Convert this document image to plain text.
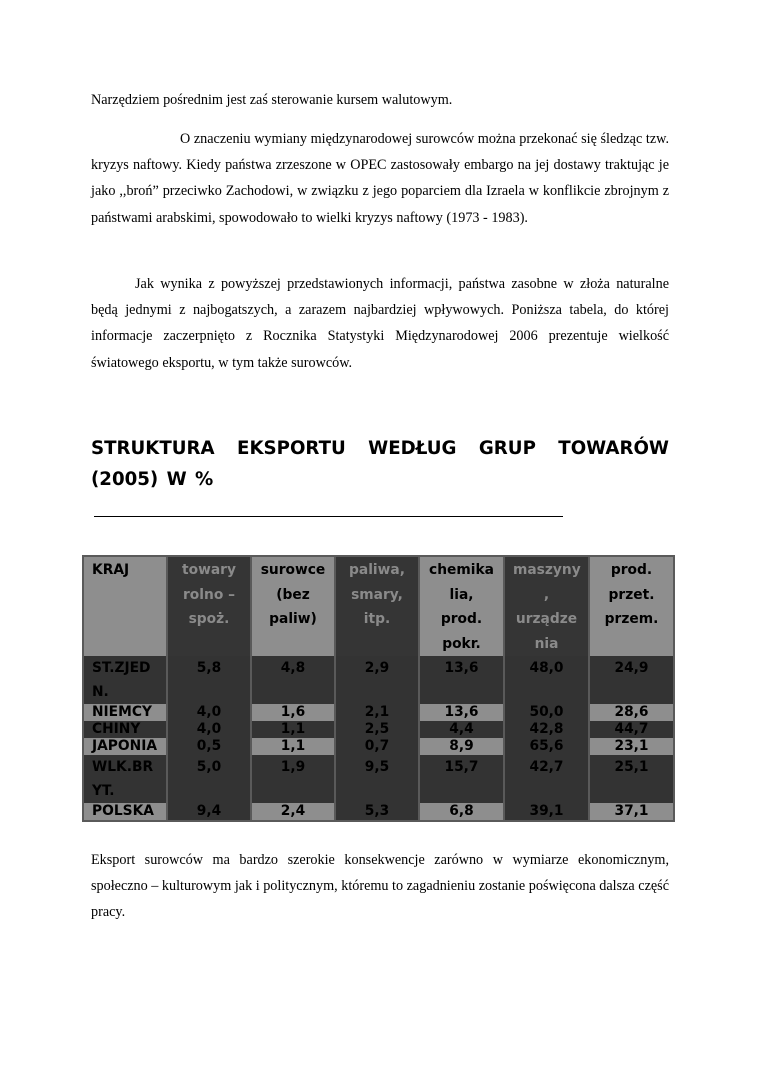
Narzędziem pośrednim jest zaś sterowanie kursem walutowym.

O znaczeniu wymiany międzynarodowej surowców można przekonać się śledząc tzw. kryzys naftowy. Kiedy państwa zrzeszone w OPEC zastosowały embargo na jej dostawy traktując je jako ,,broń” przeciwko Zachodowi, w związku z jego poparciem dla Izraela w konflikcie zbrojnym z państwami arabskimi, spowodowało to wielki kryzys naftowy (1973 - 1983).

Jak wynika z powyższej przedstawionych informacji, państwa zasobne w złoża naturalne będą jednymi z najbogatszych, a zarazem najbardziej wpływowych. Poniższa tabela, do której informacje zaczerpnięto z Rocznika Statystyki Międzynarodowej 2006 prezentuje wielkość światowego eksportu, w tym także surowców.

STRUKTURA EKSPORTU WEDŁUG GRUP TOWARÓW (2005) W %
KRAJ	towary rolno – spoż.	surowce (bez paliw)	paliwa, smary, itp.	chemika lia, prod. pokr.	maszyny , urządze nia	prod. przet. przem.
ST.ZJED N.	5,8	4,8	2,9	13,6	48,0	24,9
NIEMCY	4,0	1,6	2,1	13,6	50,0	28,6
CHINY	4,0	1,1	2,5	4,4	42,8	44,7
JAPONIA	0,5	1,1	0,7	8,9	65,6	23,1
WLK.BR YT.	5,0	1,9	9,5	15,7	42,7	25,1
POLSKA	9,4	2,4	5,3	6,8	39,1	37,1

Eksport surowców ma bardzo szerokie konsekwencje zarówno w wymiarze ekonomicznym, społeczno – kulturowym jak i politycznym, któremu to zagadnieniu zostanie poświęcona dalsza część pracy.
